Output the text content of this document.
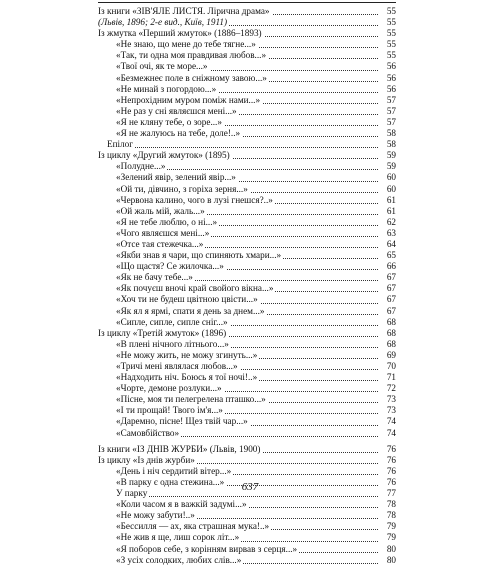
Із книги «ЗІВ'ЯЛЕ ЛИСТЯ. Лірична драма»	55
(Львів, 1896; 2-е вид., Київ, 1911)	55
Із жмутка «Перший жмуток» (1886–1893)	55
«Не знаю, що мене до тебе тягне...»	55
«Так, ти одна моя правдивая любов...»	55
«Твої очі, як те море...»	56
«Безмежнеє поле в сніжному завою...»	56
«Не минай з погордою...»	56
«Непрохідним муром поміж нами...»	57
«Не раз у сні являєшся мені...»	57
«Я не кляну тебе, о зоре...»	57
«Я не жалуюсь на тебе, доле!..»	58
Епілог	58
Із циклу «Другий жмуток» (1895)	59
«Полудне...»	59
«Зелений явір, зелений явір...»	60
«Ой ти, дівчино, з горіха зерня...»	60
«Червона калино, чого в лузі гнешся?..»	61
«Ой жаль мій, жаль...»	61
«Я не тебе люблю, о ні...»	62
«Чого являєшся мені...»	63
«Отсе тая стежечка...»	64
«Якби знав я чари, що спиняють хмари...»	65
«Що щастя? Се жилочка...»	66
«Як не бачу тебе...»	67
«Як почуєш вночі край свойого вікна...»	67
«Хоч ти не будеш цвітною цвісти...»	67
«Як ял я ярмі, спати я день за днем...»	67
«Сипле, сипле, сипле сніг...»	68
Із циклу «Третій жмуток» (1896)	68
«В плені нічного літнього...»	68
«Не можу жить, не можу згинуть...»	69
«Тричі мені являлася любов...»	70
«Надходить ніч. Боюсь я тої ночі!..»	71
«Чорте, демоне розлуки...»	72
«Пісне, моя ти пелегрелена пташко...»	73
«І ти прощай! Твого ім'я...»	73
«Даремно, пісне! Щез твій чар...»	74
«Самовбійство»	74
Із книги «ІЗ ДНІВ ЖУРБИ» (Львів, 1900)	76
Із циклу «Із днів журби»	76
«День і ніч сердитий вітер...»	76
«В парку є одна стежина...»	76
У парку	77
«Коли часом я в важкій задумі...»	78
«Не можу забути!..»	78
«Бессилля — ах, яка страшная мука!..»	79
«Не жив я ще, лиш сорок літ...»	79
«Я поборов себе, з корінням вирвав з серця...»	80
«З усіх солодких, любих слів...»	80
637
